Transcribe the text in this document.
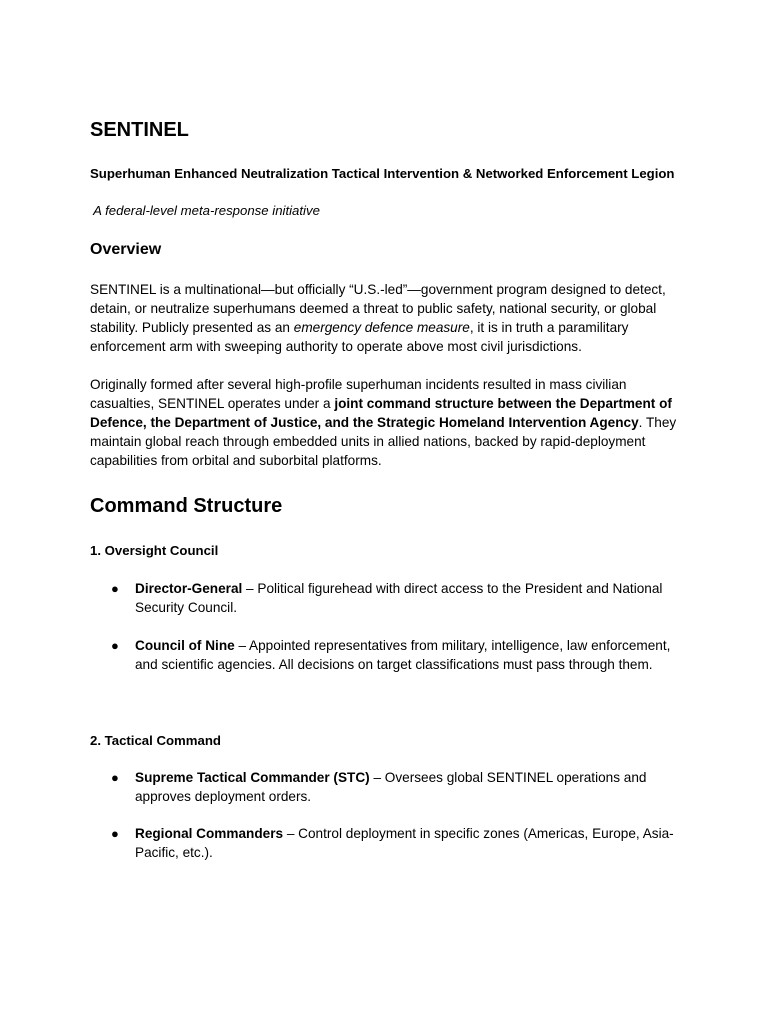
SENTINEL

Superhuman Enhanced Neutralization Tactical Intervention & Networked Enforcement Legion

A federal-level meta-response initiative

Overview

SENTINEL is a multinational—but officially “U.S.-led”—government program designed to detect, detain, or neutralize superhumans deemed a threat to public safety, national security, or global stability. Publicly presented as an emergency defence measure, it is in truth a paramilitary enforcement arm with sweeping authority to operate above most civil jurisdictions.

Originally formed after several high-profile superhuman incidents resulted in mass civilian casualties, SENTINEL operates under a joint command structure between the Department of Defence, the Department of Justice, and the Strategic Homeland Intervention Agency. They maintain global reach through embedded units in allied nations, backed by rapid-deployment capabilities from orbital and suborbital platforms.

Command Structure

1. Oversight Council

● Director-General – Political figurehead with direct access to the President and National Security Council.

● Council of Nine – Appointed representatives from military, intelligence, law enforcement, and scientific agencies. All decisions on target classifications must pass through them.

2. Tactical Command

● Supreme Tactical Commander (STC) – Oversees global SENTINEL operations and approves deployment orders.

● Regional Commanders – Control deployment in specific zones (Americas, Europe, Asia-Pacific, etc.).
